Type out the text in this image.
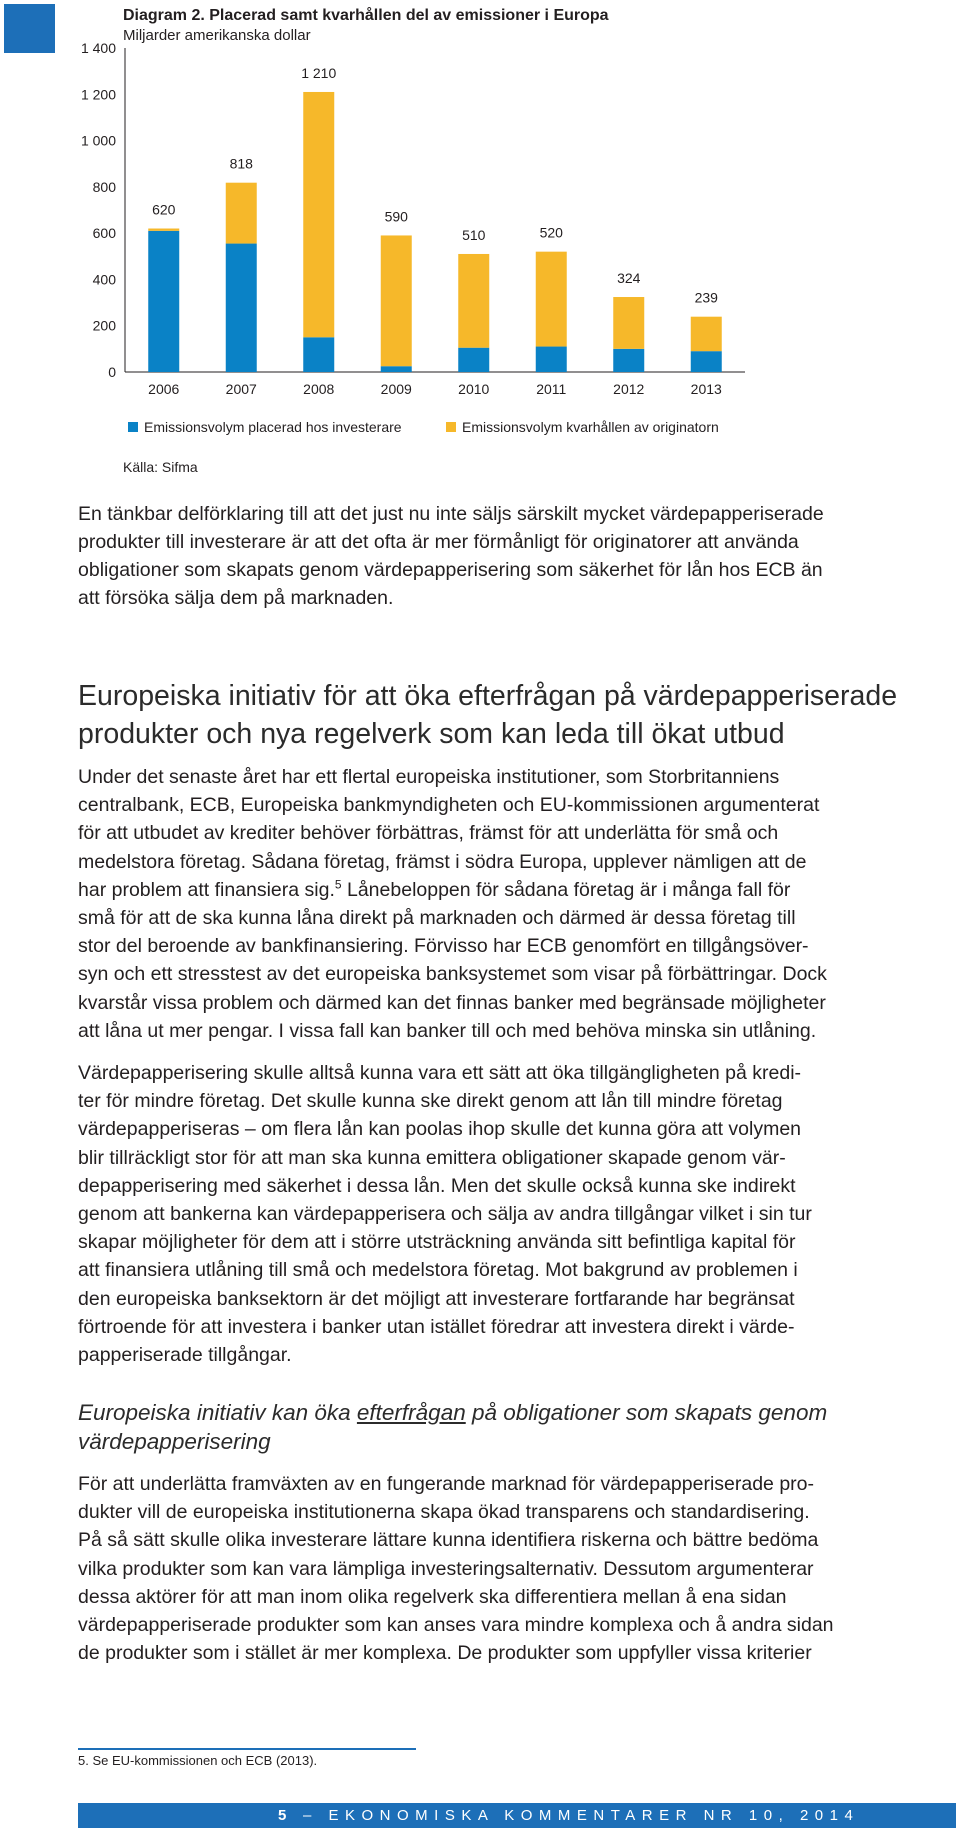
Diagram 2. Placerad samt kvarhållen del av emissioner i Europa
Miljarder amerikanska dollar
0
200
400
600
800
1 000
1 200
1 400
620
818
1 210
590
510	520
324
239
2006	2007	2008	2009	2010	2011	2012	2013
Emissionsvolym placerad hos investerare	Emissionsvolym kvarhållen av originatorn
Källa: Sifma
En tänkbar delförklaring till att det just nu inte säljs särskilt mycket värdepapperiserade
produkter till investerare är att det ofta är mer förmånligt för originatorer att använda
obligationer som skapats genom värdepapperisering som säkerhet för lån hos ECB än
att försöka sälja dem på marknaden.
Europeiska initiativ för att öka efterfrågan på värdepapperiserade
produkter och nya regelverk som kan leda till ökat utbud
Under det senaste året har ett flertal europeiska institutioner, som Storbritanniens
centralbank, ECB, Europeiska bankmyndigheten och EU-kommissionen argumenterat
för att utbudet av krediter behöver förbättras, främst för att underlätta för små och
medelstora företag. Sådana företag, främst i södra Europa, upplever nämligen att de
har problem att finansiera sig.$^5$ Lånebeloppen för sådana företag är i många fall för
små för att de ska kunna låna direkt på marknaden och därmed är dessa företag till
stor del beroende av bankfinansiering. Förvisso har ECB genomfört en tillgångsöver-
syn och ett stresstest av det europeiska banksystemet som visar på förbättringar. Dock
kvarstår vissa problem och därmed kan det finnas banker med begränsade möjligheter
att låna ut mer pengar. I vissa fall kan banker till och med behöva minska sin utlåning.
Värdepapperisering skulle alltså kunna vara ett sätt att öka tillgängligheten på kredi-
ter för mindre företag. Det skulle kunna ske direkt genom att lån till mindre företag
värdepapperiseras – om flera lån kan poolas ihop skulle det kunna göra att volymen
blir tillräckligt stor för att man ska kunna emittera obligationer skapade genom vär-
depapperisering med säkerhet i dessa lån. Men det skulle också kunna ske indirekt
genom att bankerna kan värdepapperisera och sälja av andra tillgångar vilket i sin tur
skapar möjligheter för dem att i större utsträckning använda sitt befintliga kapital för
att finansiera utlåning till små och medelstora företag. Mot bakgrund av problemen i
den europeiska banksektorn är det möjligt att investerare fortfarande har begränsat
förtroende för att investera i banker utan istället föredrar att investera direkt i värde-
papperiserade tillgångar.
Europeiska initiativ kan öka efterfrågan på obligationer som skapats genom
värdepapperisering
För att underlätta framväxten av en fungerande marknad för värdepapperiserade pro-
dukter vill de europeiska institutionerna skapa ökad transparens och standardisering.
På så sätt skulle olika investerare lättare kunna identifiera riskerna och bättre bedöma
vilka produkter som kan vara lämpliga investeringsalternativ. Dessutom argumenterar
dessa aktörer för att man inom olika regelverk ska differentiera mellan å ena sidan
värdepapperiserade produkter som kan anses vara mindre komplexa och å andra sidan
de produkter som i stället är mer komplexa. De produkter som uppfyller vissa kriterier
5. Se EU-kommissionen och ECB (2013).
5 – EKONOMISKA KOMMENTARER NR 10, 2014
